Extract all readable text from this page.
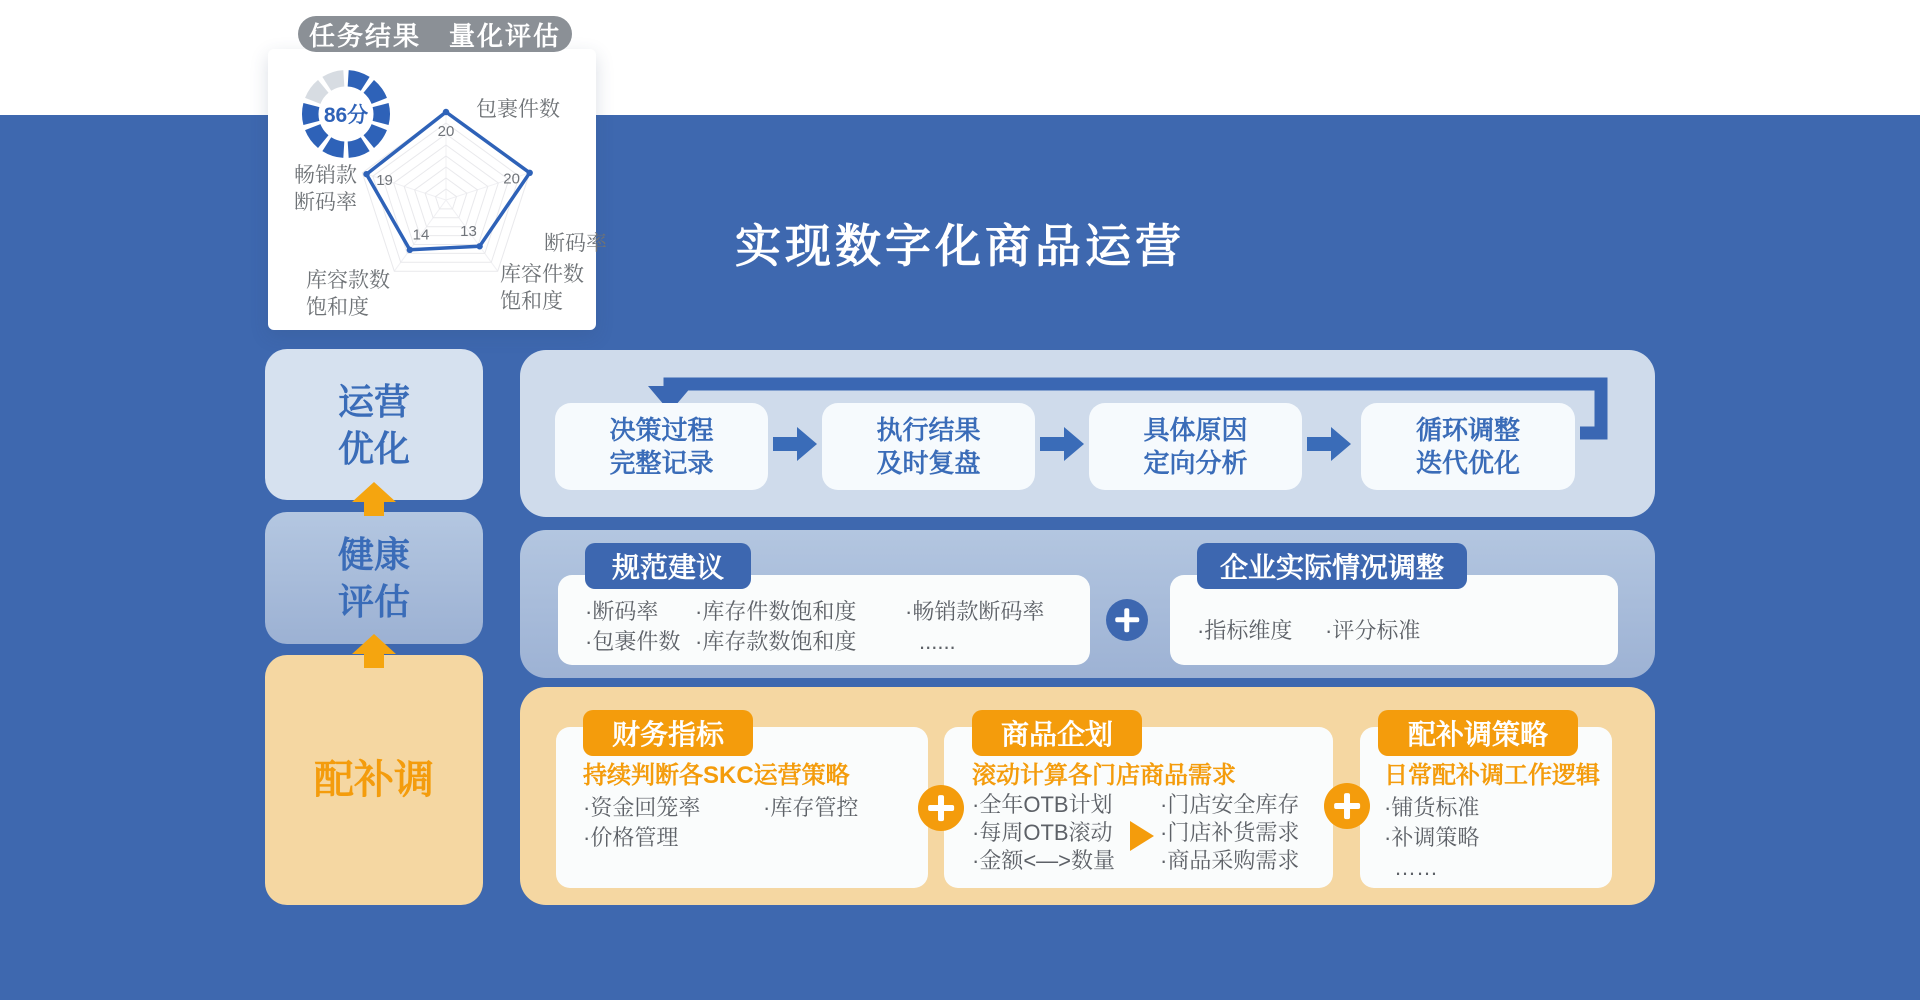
86分
20
20
13
14
19
包裹件数
断码率
库容件数饱和度
库容款数饱和度
畅销款断码率
任务结果　量化评估
实现数字化商品运营
运营
优化
健康
评估
配补调
决策过程
完整记录
执行结果
及时复盘
具体原因
定向分析
循环调整
迭代优化
·断码率
·包裹件数
·库存件数饱和度
·库存款数饱和度
·畅销款断码率
......
规范建议
·指标维度 ·评分标准
企业实际情况调整
持续判断各SKC运营策略
·资金回笼率
·价格管理
·库存管控
财务指标
滚动计算各门店商品需求
·全年OTB计划
·每周OTB滚动
·金额<—>数量
·门店安全库存
·门店补货需求
·商品采购需求
商品企划
日常配补调工作逻辑
·铺货标准
·补调策略
……
配补调策略
